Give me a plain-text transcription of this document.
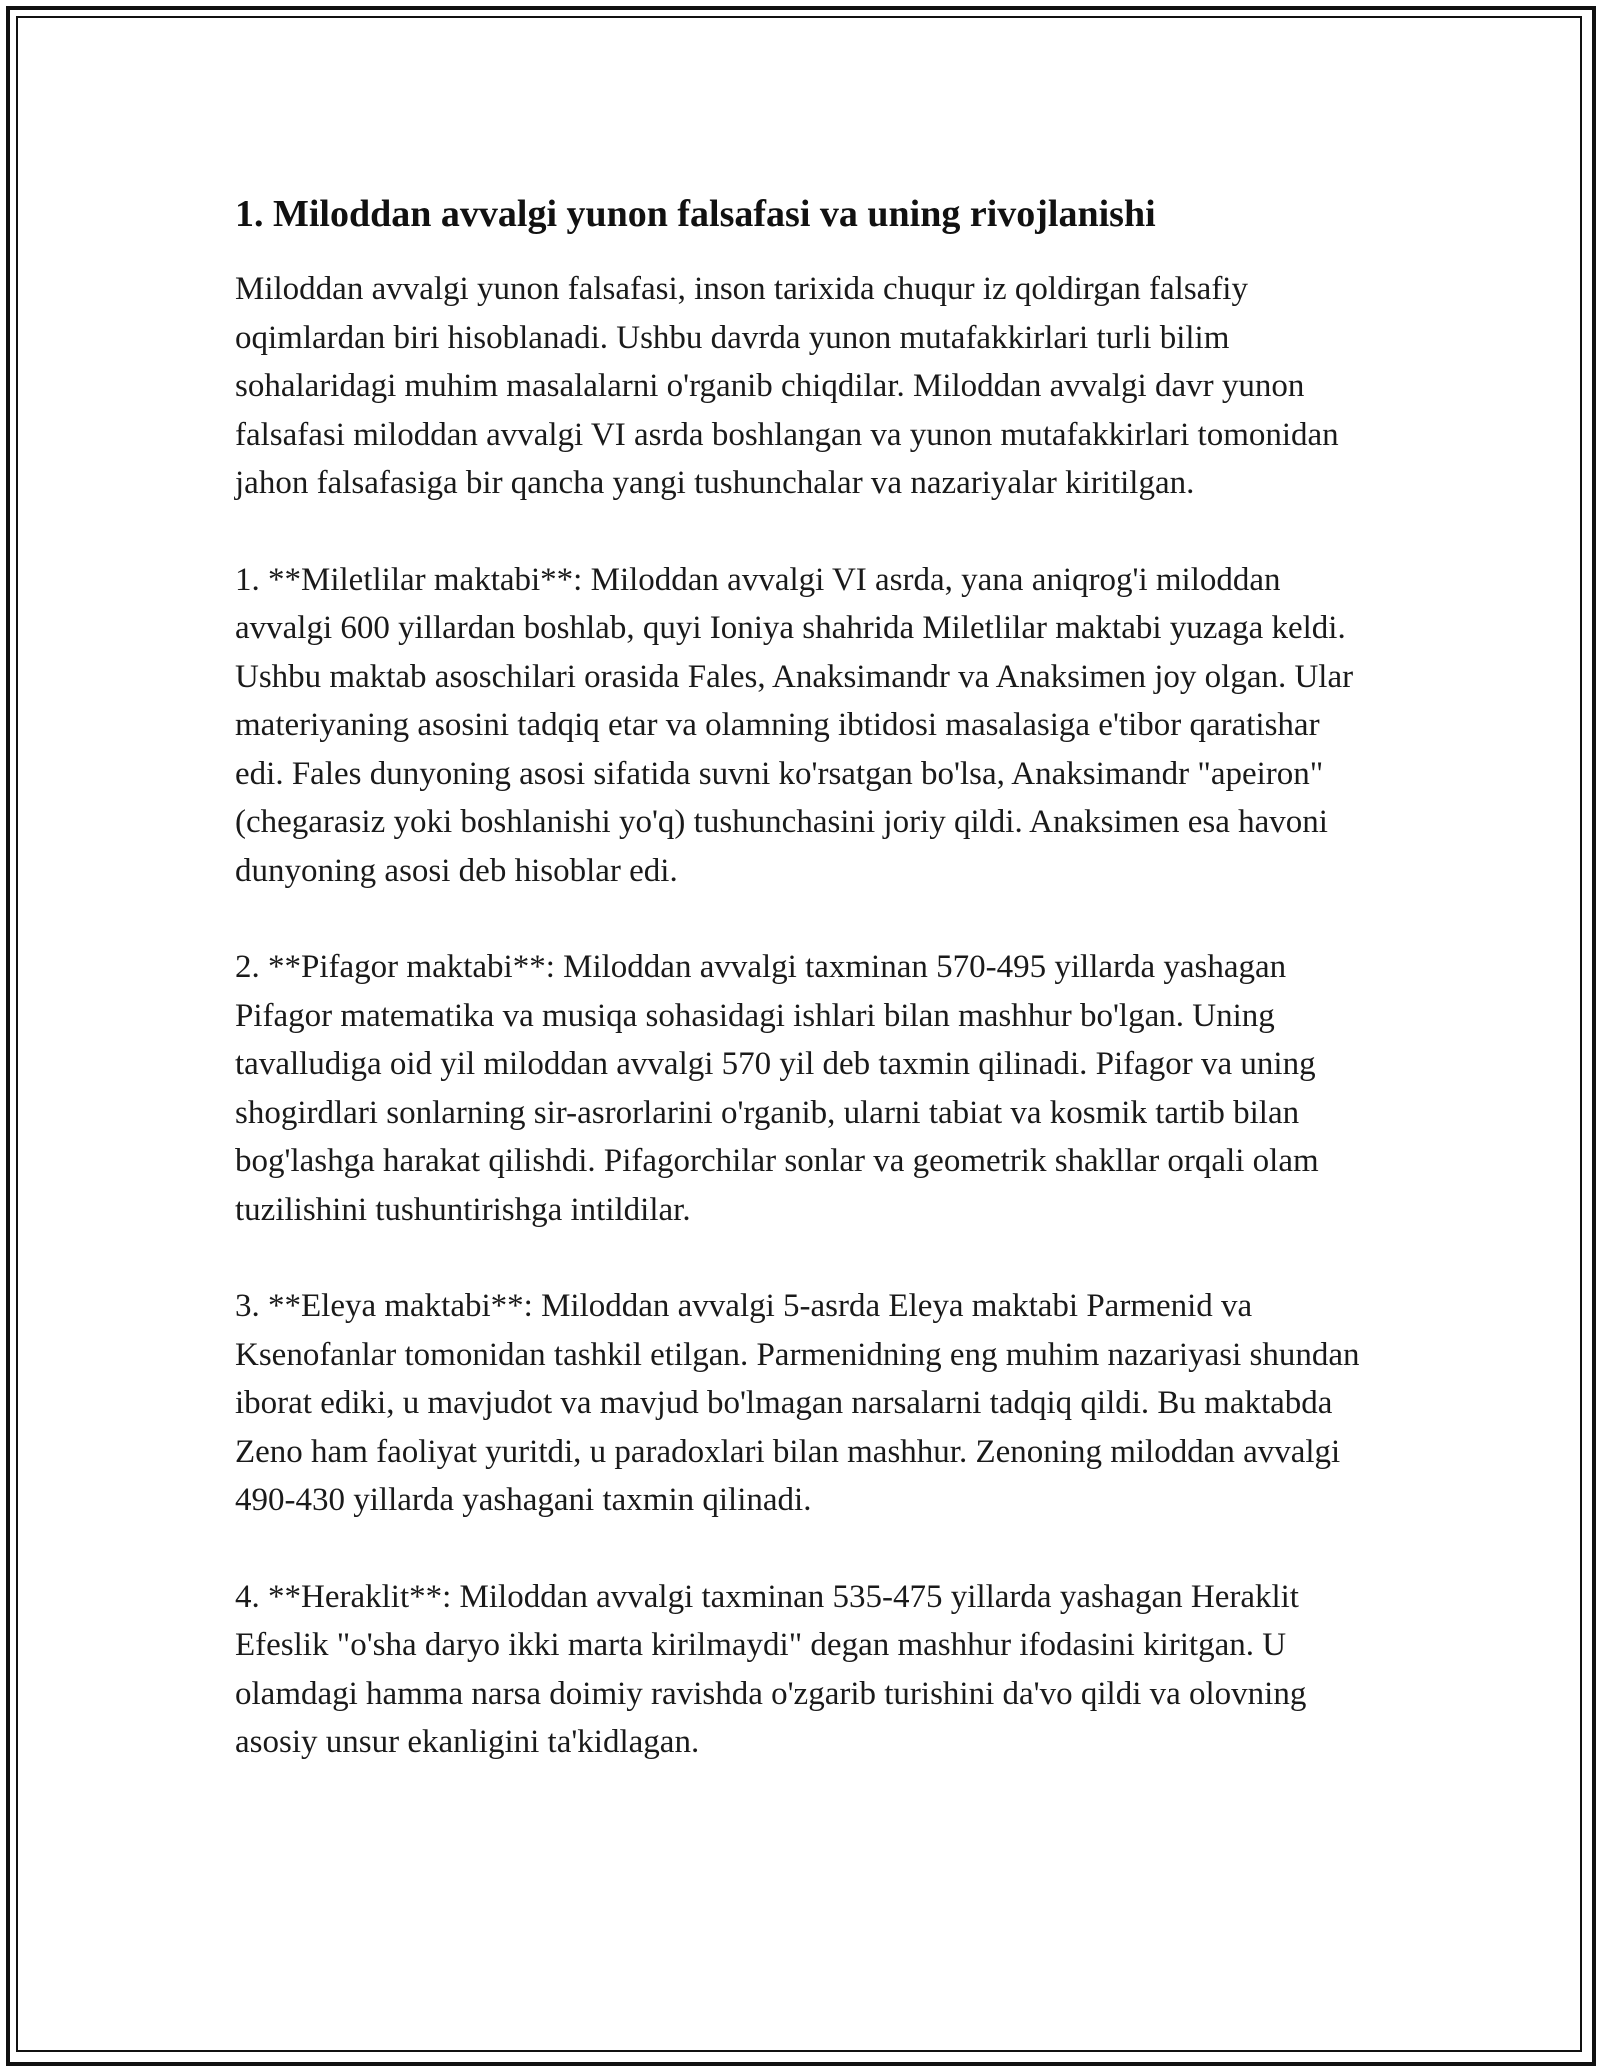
1. Miloddan avvalgi yunon falsafasi va uning rivojlanishi

Miloddan avvalgi yunon falsafasi, inson tarixida chuqur iz qoldirgan falsafiy oqimlardan biri hisoblanadi. Ushbu davrda yunon mutafakkirlari turli bilim sohalaridagi muhim masalalarni o'rganib chiqdilar. Miloddan avvalgi davr yunon falsafasi miloddan avvalgi VI asrda boshlangan va yunon mutafakkirlari tomonidan jahon falsafasiga bir qancha yangi tushunchalar va nazariyalar kiritilgan.

1. **Miletlilar maktabi**: Miloddan avvalgi VI asrda, yana aniqrog'i miloddan avvalgi 600 yillardan boshlab, quyi Ioniya shahrida Miletlilar maktabi yuzaga keldi. Ushbu maktab asoschilari orasida Fales, Anaksimandr va Anaksimen joy olgan. Ular materiyaning asosini tadqiq etar va olamning ibtidosi masalasiga e'tibor qaratishar edi. Fales dunyoning asosi sifatida suvni ko'rsatgan bo'lsa, Anaksimandr "apeiron" (chegarasiz yoki boshlanishi yo'q) tushunchasini joriy qildi. Anaksimen esa havoni dunyoning asosi deb hisoblar edi.

2. **Pifagor maktabi**: Miloddan avvalgi taxminan 570-495 yillarda yashagan Pifagor matematika va musiqa sohasidagi ishlari bilan mashhur bo'lgan. Uning tavalludiga oid yil miloddan avvalgi 570 yil deb taxmin qilinadi. Pifagor va uning shogirdlari sonlarning sir-asrorlarini o'rganib, ularni tabiat va kosmik tartib bilan bog'lashga harakat qilishdi. Pifagorchilar sonlar va geometrik shakllar orqali olam tuzilishini tushuntirishga intildilar.

3. **Eleya maktabi**: Miloddan avvalgi 5-asrda Eleya maktabi Parmenid va Ksenofanlar tomonidan tashkil etilgan. Parmenidning eng muhim nazariyasi shundan iborat ediki, u mavjudot va mavjud bo'lmagan narsalarni tadqiq qildi. Bu maktabda Zeno ham faoliyat yuritdi, u paradoxlari bilan mashhur. Zenoning miloddan avvalgi 490-430 yillarda yashagani taxmin qilinadi.

4. **Heraklit**: Miloddan avvalgi taxminan 535-475 yillarda yashagan Heraklit Efeslik "o'sha daryo ikki marta kirilmaydi" degan mashhur ifodasini kiritgan. U olamdagi hamma narsa doimiy ravishda o'zgarib turishini da'vo qildi va olovning asosiy unsur ekanligini ta'kidlagan.
